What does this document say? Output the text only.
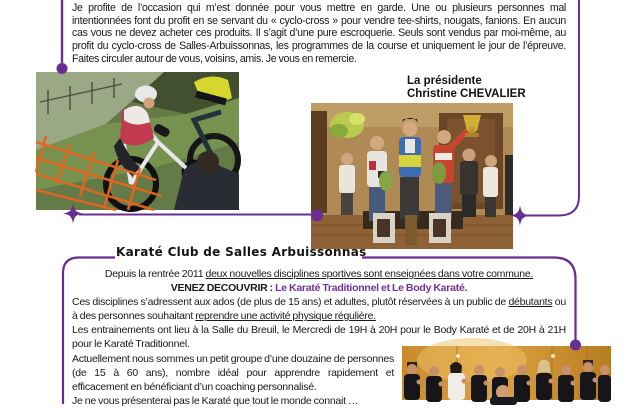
Je profite de l’occasion qui m’est donnée pour vous mettre en garde. Une ou plusieurs personnes mal intentionnées font du profit en se servant du « cyclo-cross » pour vendre tee-shirts, nougats, fanions. En aucun cas vous ne devez acheter ces produits. Il s’agit d’une pure escroquerie. Seuls sont vendus par moi-même, au profit du cyclo-cross de Salles-Arbuissonnas, les programmes de la course et uniquement le jour de l’épreuve. Faites circuler autour de vous, voisins, amis. Je vous en remercie.
La présidente
Christine CHEVALIER
Karaté Club de Salles Arbuissonnas

Depuis la rentrée 2011 deux nouvelles disciplines sportives sont enseignées dans votre commune.

VENEZ DECOUVRIR : Le Karaté Traditionnel et Le Body Karaté.

Ces disciplines s’adressent aux ados (de plus de 15 ans) et adultes, plutôt réservées à un public de débutants ou à des personnes souhaitant reprendre une activité physique régulière.

Les entrainements ont lieu à la Salle du Breuil, le Mercredi de 19H à 20H pour le Body Karaté et de 20H à 21H pour le Karaté Traditionnel.

Actuellement nous sommes un petit groupe d’une douzaine de personnes (de 15 à 60 ans), nombre idéal pour apprendre rapidement et efficacement en bénéficiant d’un coaching personnalisé.

Je ne vous présenterai pas le Karaté que tout le monde connait …
